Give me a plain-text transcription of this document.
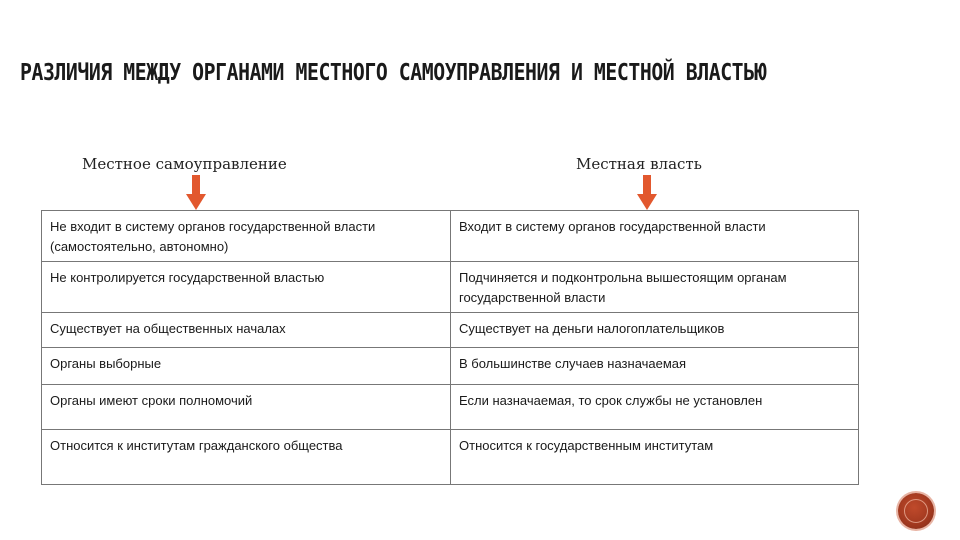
РАЗЛИЧИЯ МЕЖДУ ОРГАНАМИ МЕСТНОГО САМОУПРАВЛЕНИЯ И МЕСТНОЙ ВЛАСТЬЮ
Местное самоуправление	Местная власть
Не входит в систему органов государственной власти (самостоятельно, автономно)	Входит в систему органов государственной власти
Не контролируется государственной властью	Подчиняется и подконтрольна вышестоящим органам государственной власти
Существует на общественных началах	Существует на деньги налогоплательщиков
Органы выборные	В большинстве случаев назначаемая
Органы имеют сроки полномочий	Если назначаемая, то срок службы не установлен
Относится к институтам гражданского общества	Относится к государственным институтам
